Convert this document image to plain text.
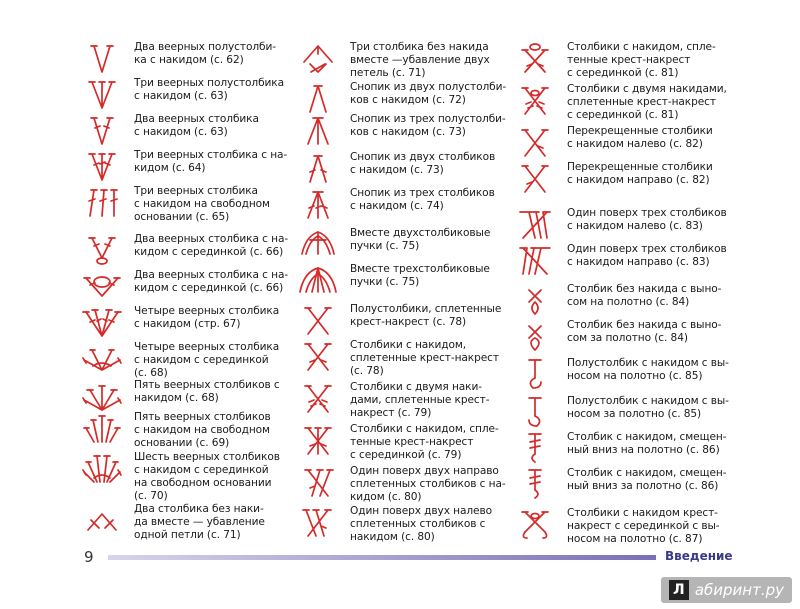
Два веерных полустолби-
ка с накидом (с. 62)
Три веерных полустолбика
с накидом (с. 63)
Два веерных столбика
с накидом (с. 63)
Три веерных столбика с на-
кидом (с. 64)
Три веерных столбика
с накидом на свободном
основании (с. 65)
Два веерных столбика с на-
кидом с серединкой (с. 66)
Два веерных столбика с на-
кидом с серединкой (с. 66)
Четыре веерных столбика
с накидом (стр. 67)
Четыре веерных столбика
с накидом с серединкой
(с. 68)
Пять веерных столбиков с
накидом (с. 68)
Пять веерных столбиков
с накидом на свободном
основании (с. 69)
Шесть веерных столбиков
с накидом с серединкой
на свободном основании
(с. 70)
Два столбика без наки-
да вместе — убавление
одной петли (с. 71)
Три столбика без накида
вместе —убавление двух
петель (с. 71)
Снопик из двух полустолби-
ков с накидом (с. 72)
Снопик из трех полустолби-
ков с накидом (с. 73)
Снопик из двух столбиков
с накидом (с. 73)
Снопик из трех столбиков
с накидом (с. 74)
Вместе двухстолбиковые
пучки (с. 75)
Вместе трехстолбиковые
пучки (с. 75)
Полустолбики, сплетенные
крест-накрест (с. 78)
Столбики с накидом,
сплетенные крест-накрест
(с. 78)
Столбики с двумя наки-
дами, сплетенные крест-
накрест (с. 79)
Столбики с накидом, спле-
тенные крест-накрест
с серединкой (с. 79)
Один поверх двух направо
сплетенных столбиков с на-
кидом (с. 80)
Один поверх двух налево
сплетенных столбиков с
накидом (с. 80)
Столбики с накидом, спле-
тенные крест-накрест
с серединкой (с. 81)
Столбики с двумя накидами,
сплетенные крест-накрест
с серединкой (с. 81)
Перекрещенные столбики
с накидом налево (с. 82)
Перекрещенные столбики
с накидом направо (с. 82)
Один поверх трех столбиков
с накидом налево (с. 83)
Один поверх трех столбиков
с накидом направо (с. 83)
Столбик без накида с выно-
сом на полотно (с. 84)
Столбик без накида с выно-
сом за полотно (с. 84)
Полустолбик с накидом с вы-
носом на полотно (с. 85)
Полустолбик с накидом с вы-
носом за полотно (с. 85)
Столбик с накидом, смещен-
ный вниз на полотно (с. 86)
Столбик с накидом, смещен-
ный вниз за полотно (с. 86)
Столбики с накидом крест-
накрест с серединкой с вы-
носом на полотно (с. 87)
9	Введение
Л абиринт.ру
